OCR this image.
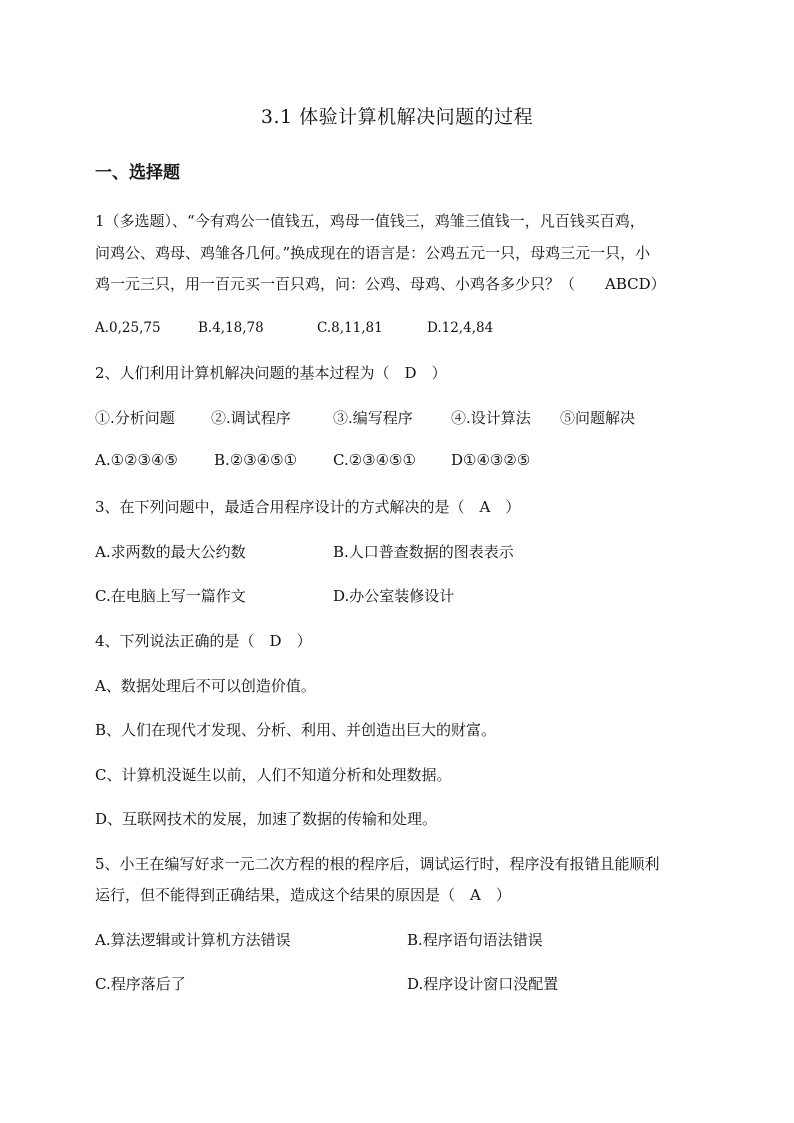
3.1 体验计算机解决问题的过程
一、选择题
1（多选题）、“今有鸡公一值钱五，鸡母一值钱三，鸡雏三值钱一，凡百钱买百鸡，
问鸡公、鸡母、鸡雏各几何。”换成现在的语言是：公鸡五元一只，母鸡三元一只，小
鸡一元三只，用一百元买一百只鸡，问：公鸡、母鸡、小鸡各多少只？（　　ABCD）
A.0,25,75	B.4,18,78	C.8,11,81	D.12,4,84
2、人们利用计算机解决问题的基本过程为（　D　）
①.分析问题 ②.调试程序	③.编写程序	④.设计算法 ⑤问题解决
A.①②③④⑤ B.②③④⑤① C.②③④⑤① D①④③②⑤
3、在下列问题中，最适合用程序设计的方式解决的是（　A　）
A.求两数的最大公约数	B.人口普查数据的图表表示
C.在电脑上写一篇作文	D.办公室装修设计
4、下列说法正确的是（　D　）
A、数据处理后不可以创造价值。
B、人们在现代才发现、分析、利用、并创造出巨大的财富。
C、计算机没诞生以前，人们不知道分析和处理数据。
D、互联网技术的发展，加速了数据的传输和处理。
5、小王在编写好求一元二次方程的根的程序后，调试运行时，程序没有报错且能顺利
运行，但不能得到正确结果，造成这个结果的原因是（　A　）
A.算法逻辑或计算机方法错误	B.程序语句语法错误
C.程序落后了	D.程序设计窗口没配置
